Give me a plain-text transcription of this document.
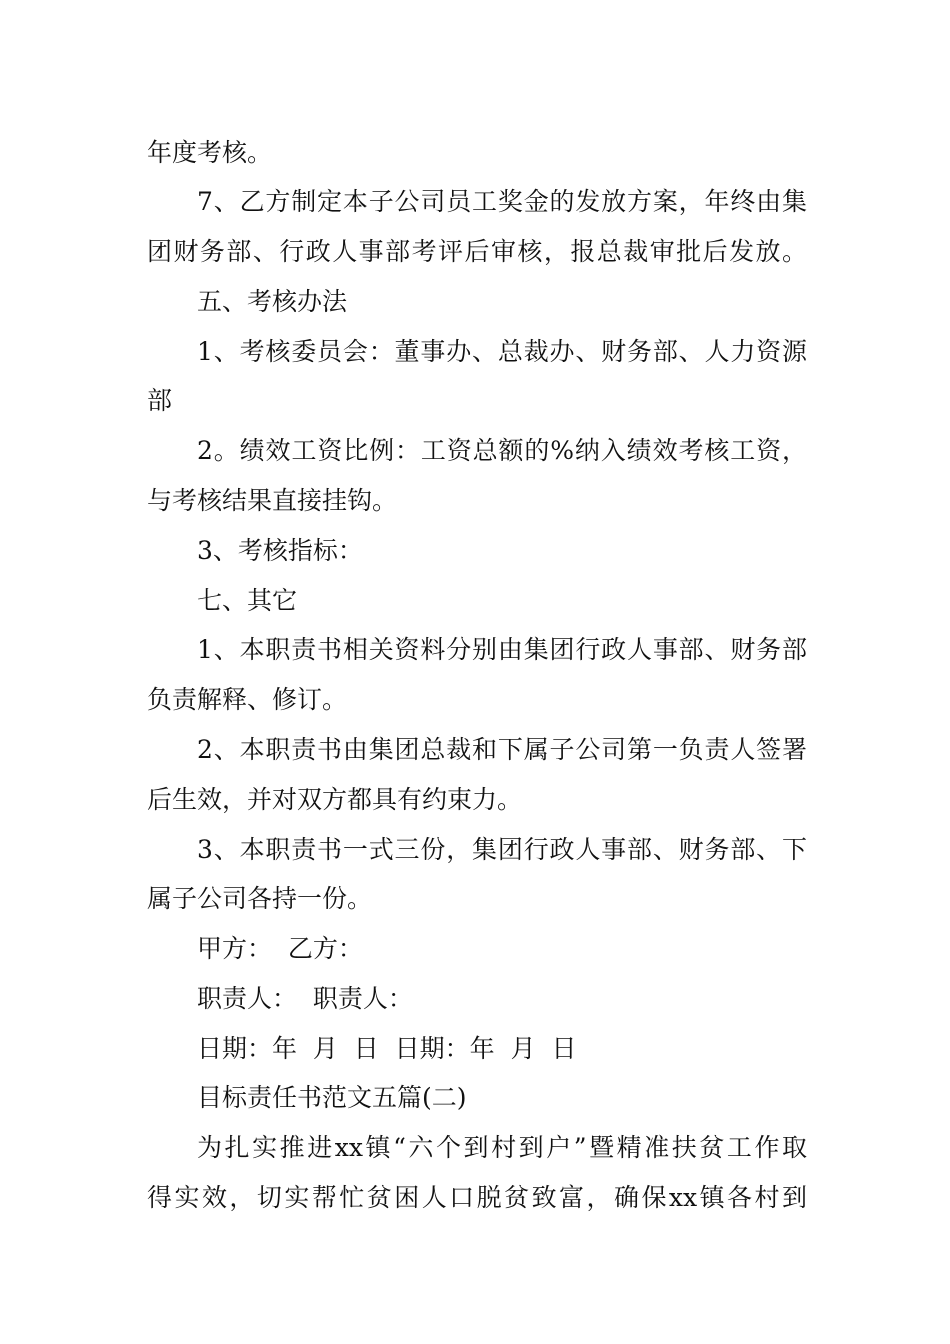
年度考核。
7、乙方制定本子公司员工奖金的发放方案，年终由集
团财务部、行政人事部考评后审核，报总裁审批后发放。
五、考核办法
1、考核委员会：董事办、总裁办、财务部、人力资源
部
2。绩效工资比例：工资总额的%纳入绩效考核工资，
与考核结果直接挂钩。
3、考核指标：
七、其它
1、本职责书相关资料分别由集团行政人事部、财务部
负责解释、修订。
2、本职责书由集团总裁和下属子公司第一负责人签署
后生效，并对双方都具有约束力。
3、本职责书一式三份，集团行政人事部、财务部、下
属子公司各持一份。
甲方：  乙方：
职责人：  职责人：
日期：年  月  日  日期：年  月  日
目标责任书范文五篇(二)
为扎实推进xx镇“六个到村到户”暨精准扶贫工作取
得实效，切实帮忙贫困人口脱贫致富，确保xx镇各村到
